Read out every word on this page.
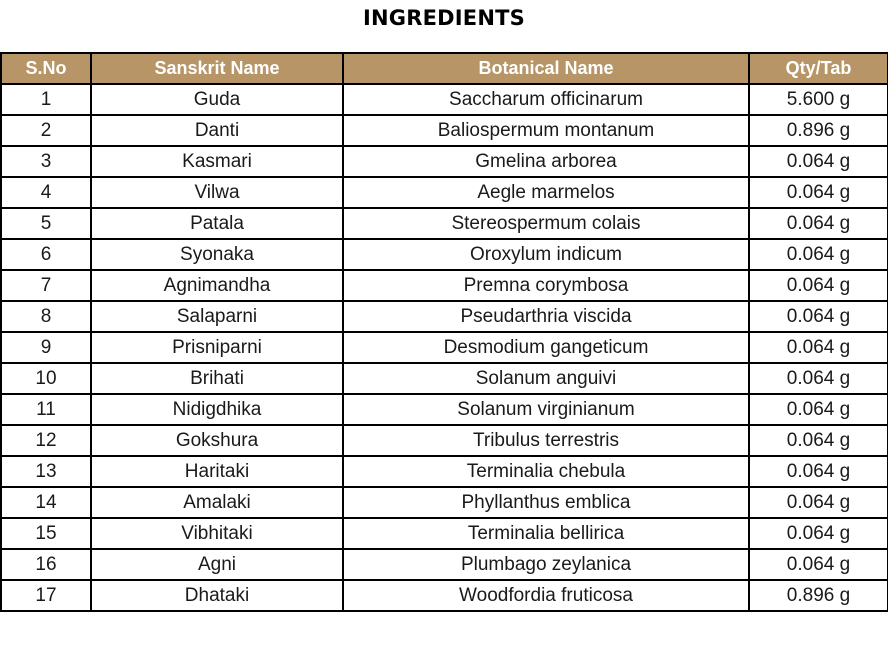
INGREDIENTS
S.No	Sanskrit Name	Botanical Name	Qty/Tab
1	Guda	Saccharum officinarum	5.600 g
2	Danti	Baliospermum montanum	0.896 g
3	Kasmari	Gmelina arborea	0.064 g
4	Vilwa	Aegle marmelos	0.064 g
5	Patala	Stereospermum colais	0.064 g
6	Syonaka	Oroxylum indicum	0.064 g
7	Agnimandha	Premna corymbosa	0.064 g
8	Salaparni	Pseudarthria viscida	0.064 g
9	Prisniparni	Desmodium gangeticum	0.064 g
10	Brihati	Solanum anguivi	0.064 g
11	Nidigdhika	Solanum virginianum	0.064 g
12	Gokshura	Tribulus terrestris	0.064 g
13	Haritaki	Terminalia chebula	0.064 g
14	Amalaki	Phyllanthus emblica	0.064 g
15	Vibhitaki	Terminalia bellirica	0.064 g
16	Agni	Plumbago zeylanica	0.064 g
17	Dhataki	Woodfordia fruticosa	0.896 g
